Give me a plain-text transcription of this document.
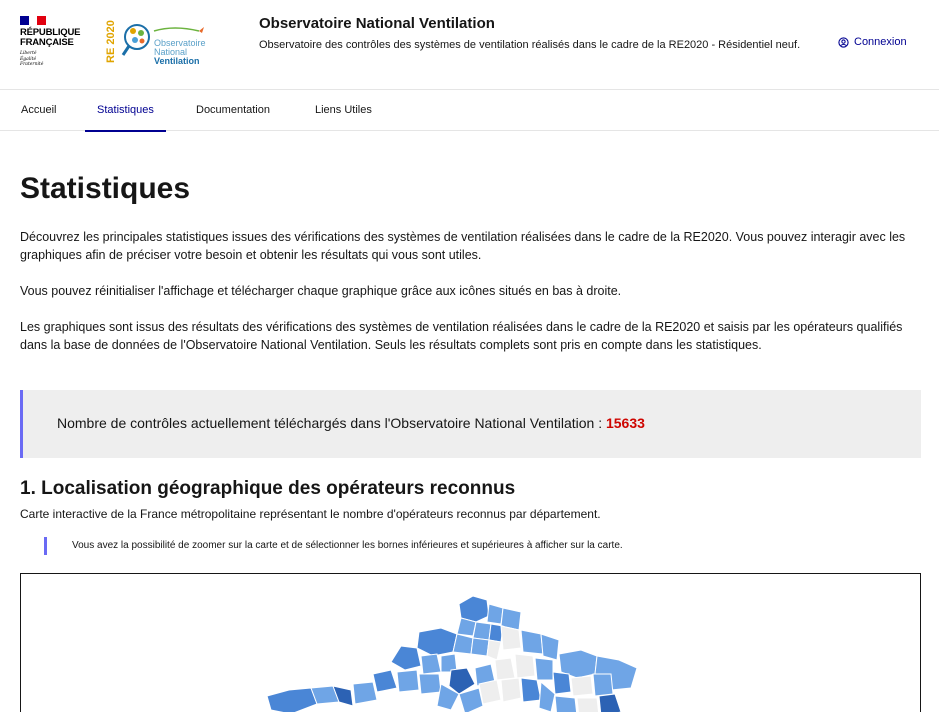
RÉPUBLIQUE
FRANÇAISE
Liberté
Égalité
Fraternité
RE 2020	Observatoire
National
Ventilation
Observatoire National Ventilation
Observatoire des contrôles des systèmes de ventilation réalisés dans le cadre de la RE2020 - Résidentiel neuf.	Connexion
Accueil	Statistiques	Documentation	Liens Utiles
Statistiques

Découvrez les principales statistiques issues des vérifications des systèmes de ventilation réalisées dans le cadre de la RE2020. Vous pouvez interagir avec les graphiques afin de préciser votre besoin et obtenir les résultats qui vous sont utiles.

Vous pouvez réinitialiser l'affichage et télécharger chaque graphique grâce aux icônes situés en bas à droite.

Les graphiques sont issus des résultats des vérifications des systèmes de ventilation réalisées dans le cadre de la RE2020 et saisis par les opérateurs qualifiés dans la base de données de l'Observatoire National Ventilation. Seuls les résultats complets sont pris en compte dans les statistiques.

Nombre de contrôles actuellement téléchargés dans l'Observatoire National Ventilation : 15633
1. Localisation géographique des opérateurs reconnus

Carte interactive de la France métropolitaine représentant le nombre d'opérateurs reconnus par département.

Vous avez la possibilité de zoomer sur la carte et de sélectionner les bornes inférieures et supérieures à afficher sur la carte.
